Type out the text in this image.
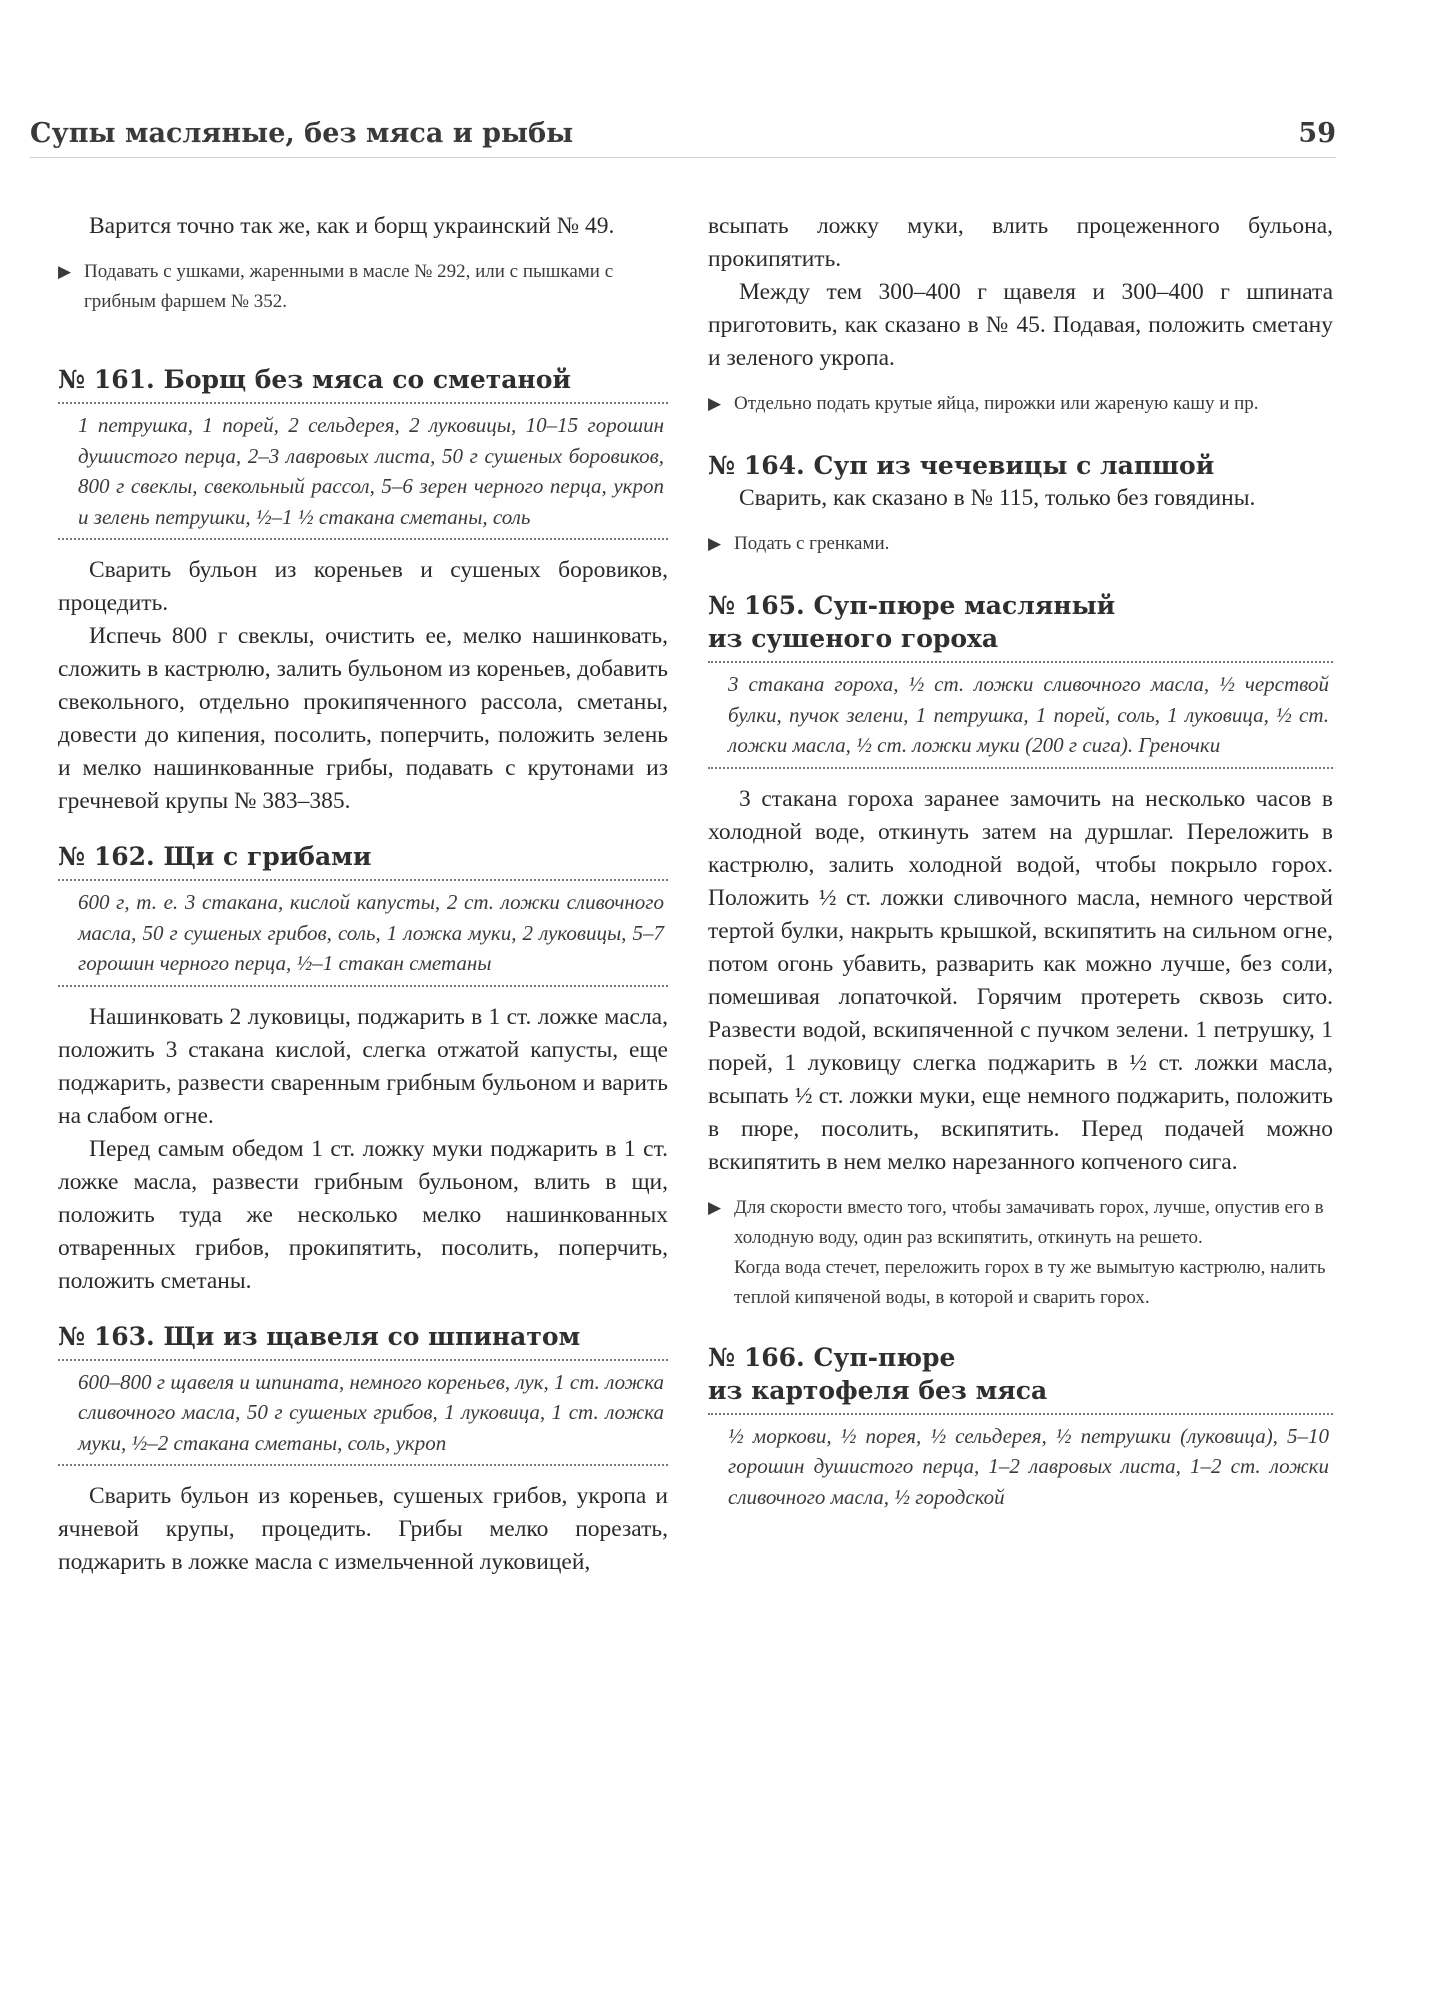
Супы масляные, без мяса и рыбы	59

Варится точно так же, как и борщ украинский № 49.

▶ Подавать с ушками, жаренными в масле № 292, или с пышками с грибным фаршем № 352.

№ 161. Борщ без мяса со сметаной
1 петрушка, 1 порей, 2 сельдерея, 2 луковицы, 10–15 горошин душистого перца, 2–3 лавровых листа, 50 г сушеных боровиков, 800 г свеклы, свекольный рассол, 5–6 зерен черного перца, укроп и зелень петрушки, ½–1 ½ стакана сметаны, соль

Сварить бульон из кореньев и сушеных боровиков, процедить.

Испечь 800 г свеклы, очистить ее, мелко нашинковать, сложить в кастрюлю, залить бульоном из кореньев, добавить свекольного, отдельно прокипяченного рассола, сметаны, довести до кипения, посолить, поперчить, положить зелень и мелко нашинкованные грибы, подавать с крутонами из гречневой крупы № 383–385.

№ 162. Щи с грибами
600 г, т. е. 3 стакана, кислой капусты, 2 ст. ложки сливочного масла, 50 г сушеных грибов, соль, 1 ложка муки, 2 луковицы, 5–7 горошин черного перца, ½–1 стакан сметаны

Нашинковать 2 луковицы, поджарить в 1 ст. ложке масла, положить 3 стакана кислой, слегка отжатой капусты, еще поджарить, развести сваренным грибным бульоном и варить на слабом огне.

Перед самым обедом 1 ст. ложку муки поджарить в 1 ст. ложке масла, развести грибным бульоном, влить в щи, положить туда же несколько мелко нашинкованных отваренных грибов, прокипятить, посолить, поперчить, положить сметаны.

№ 163. Щи из щавеля со шпинатом
600–800 г щавеля и шпината, немного кореньев, лук, 1 ст. ложка сливочного масла, 50 г сушеных грибов, 1 луковица, 1 ст. ложка муки, ½–2 стакана сметаны, соль, укроп

Сварить бульон из кореньев, сушеных грибов, укропа и ячневой крупы, процедить. Грибы мелко порезать, поджарить в ложке масла с измельченной луковицей,

всыпать ложку муки, влить процеженного бульона, прокипятить.

Между тем 300–400 г щавеля и 300–400 г шпината приготовить, как сказано в № 45. Подавая, положить сметану и зеленого укропа.

▶ Отдельно подать крутые яйца, пирожки или жареную кашу и пр.

№ 164. Суп из чечевицы с лапшой

Сварить, как сказано в № 115, только без говядины.

▶ Подать с гренками.

№ 165. Суп-пюре масляный
из сушеного гороха
3 стакана гороха, ½ ст. ложки сливочного масла, ½ черствой булки, пучок зелени, 1 петрушка, 1 порей, соль, 1 луковица, ½ ст. ложки масла, ½ ст. ложки муки (200 г сига). Греночки

3 стакана гороха заранее замочить на несколько часов в холодной воде, откинуть затем на дуршлаг. Переложить в кастрюлю, залить холодной водой, чтобы покрыло горох. Положить ½ ст. ложки сливочного масла, немного черствой тертой булки, накрыть крышкой, вскипятить на сильном огне, потом огонь убавить, разварить как можно лучше, без соли, помешивая лопаточкой. Горячим протереть сквозь сито. Развести водой, вскипяченной с пучком зелени. 1 петрушку, 1 порей, 1 луковицу слегка поджарить в ½ ст. ложки масла, всыпать ½ ст. ложки муки, еще немного поджарить, положить в пюре, посолить, вскипятить. Перед подачей можно вскипятить в нем мелко нарезанного копченого сига.

▶ Для скорости вместо того, чтобы замачивать горох, лучше, опустив его в холодную воду, один раз вскипятить, откинуть на решето.

Когда вода стечет, переложить горох в ту же вымытую кастрюлю, налить теплой кипяченой воды, в которой и сварить горох.

№ 166. Суп-пюре
из картофеля без мяса
½ моркови, ½ порея, ½ сельдерея, ½ петрушки (луковица), 5–10 горошин душистого перца, 1–2 лавровых листа, 1–2 ст. ложки сливочного масла, ½ городской
